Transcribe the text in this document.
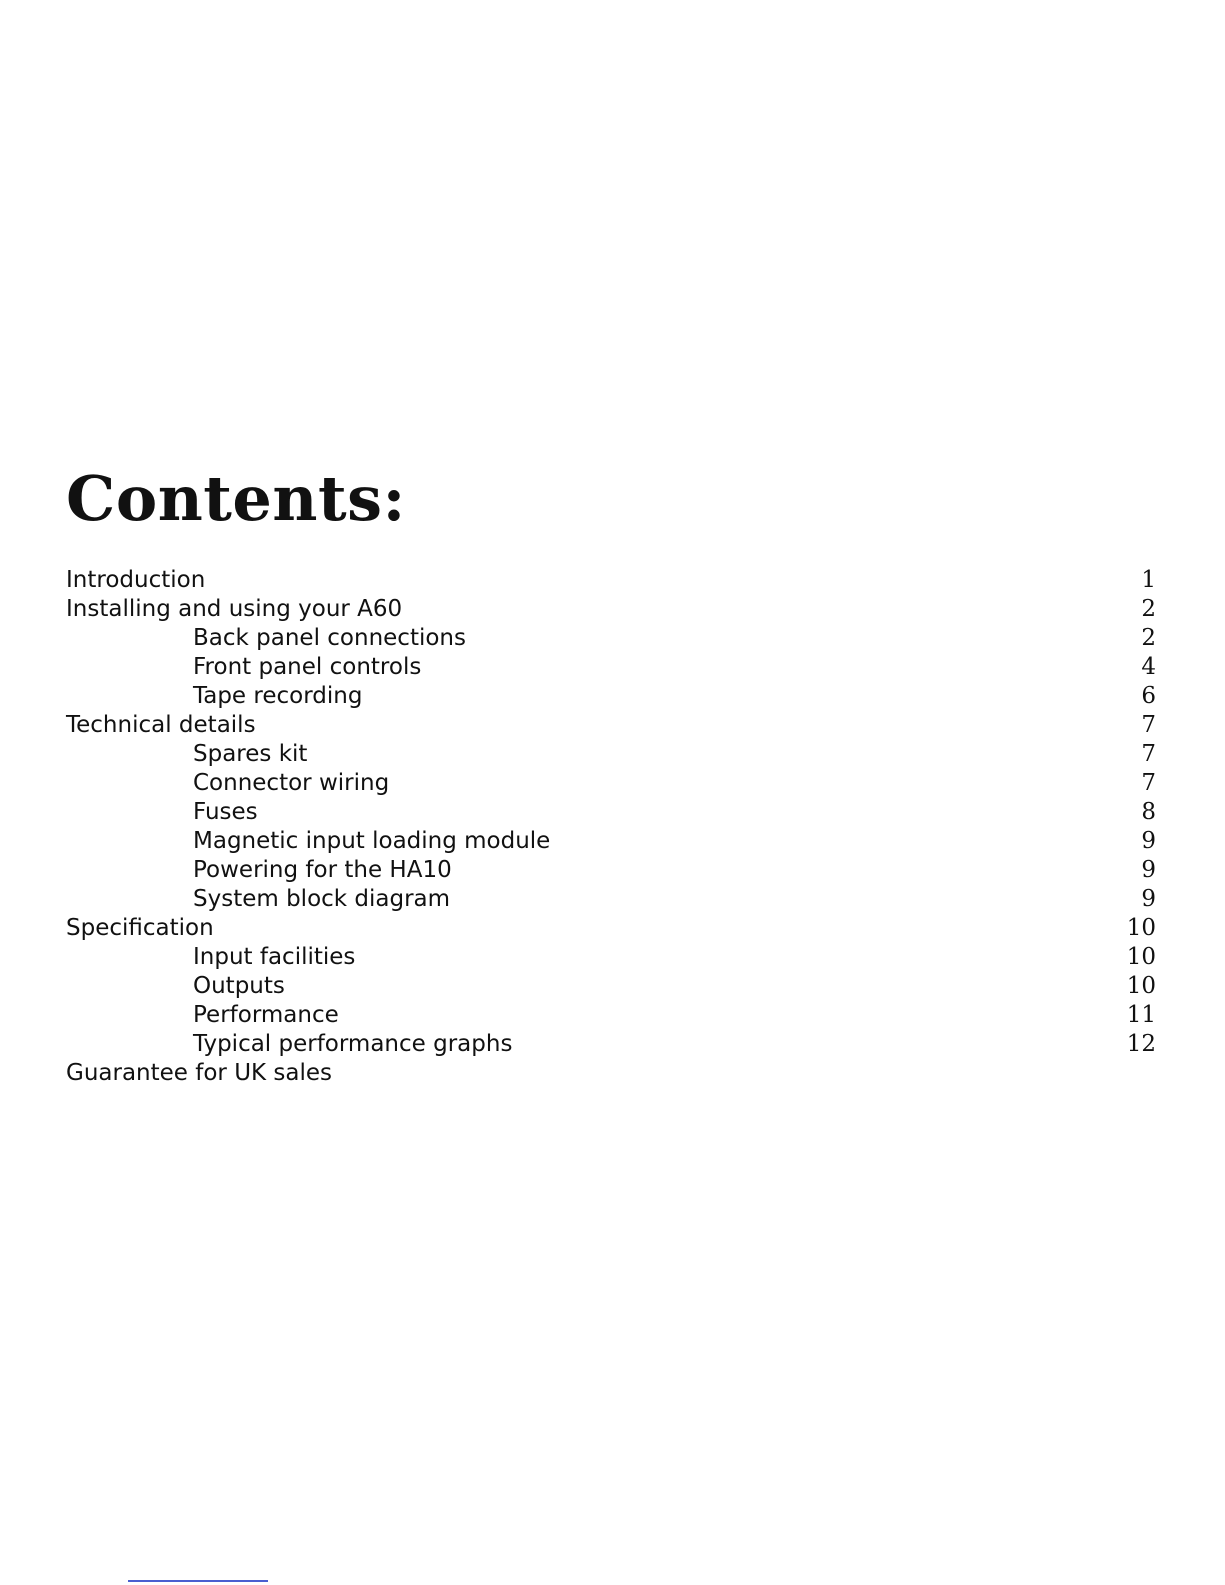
Contents:
Introduction	1
Installing and using your A60	2
Back panel connections	2
Front panel controls	4
Tape recording	6
Technical details	7
Spares kit	7
Connector wiring	7
Fuses	8
Magnetic input loading module	9
Powering for the HA10	9
System block diagram	9
Specification	10
Input facilities	10
Outputs	10
Performance	11
Typical performance graphs	12
Guarantee for UK sales
